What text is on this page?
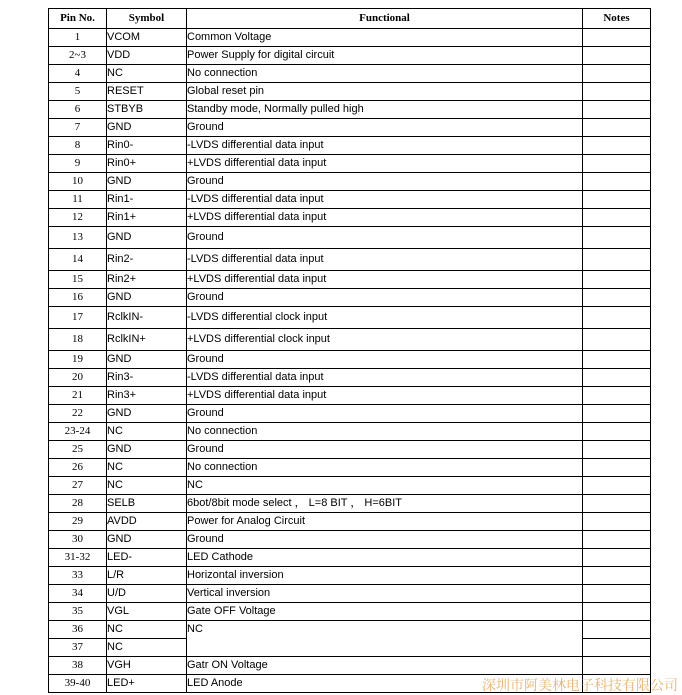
Pin No.	Symbol	Functional	Notes
1	VCOM	Common Voltage	
2~3	VDD	Power Supply for digital circuit	
4	NC	No connection	
5	RESET	Global reset pin	
6	STBYB	Standby mode, Normally pulled high	
7	GND	Ground	
8	Rin0-	-LVDS differential data input	
9	Rin0+	+LVDS differential data input	
10	GND	Ground	
11	Rin1-	-LVDS differential data input	
12	Rin1+	+LVDS differential data input	
13	GND	Ground	
14	Rin2-	-LVDS differential data input	
15	Rin2+	+LVDS differential data input	
16	GND	Ground	
17	RclkIN-	-LVDS differential clock input	
18	RclkIN+	+LVDS differential clock input	
19	GND	Ground	
20	Rin3-	-LVDS differential data input	
21	Rin3+	+LVDS differential data input	
22	GND	Ground	
23-24	NC	No connection	
25	GND	Ground	
26	NC	No connection	
27	NC	NC	
28	SELB	6bot/8bit mode select ， L=8 BIT ， H=6BIT	
29	AVDD	Power for Analog Circuit	
30	GND	Ground	
31-32	LED-	LED Cathode	
33	L/R	Horizontal inversion	
34	U/D	Vertical inversion	
35	VGL	Gate OFF Voltage	
36	NC	NC	
37	NC		
38	VGH	Gatr ON Voltage	
39-40	LED+	LED Anode		深圳市阿美林电子科技有限公司
